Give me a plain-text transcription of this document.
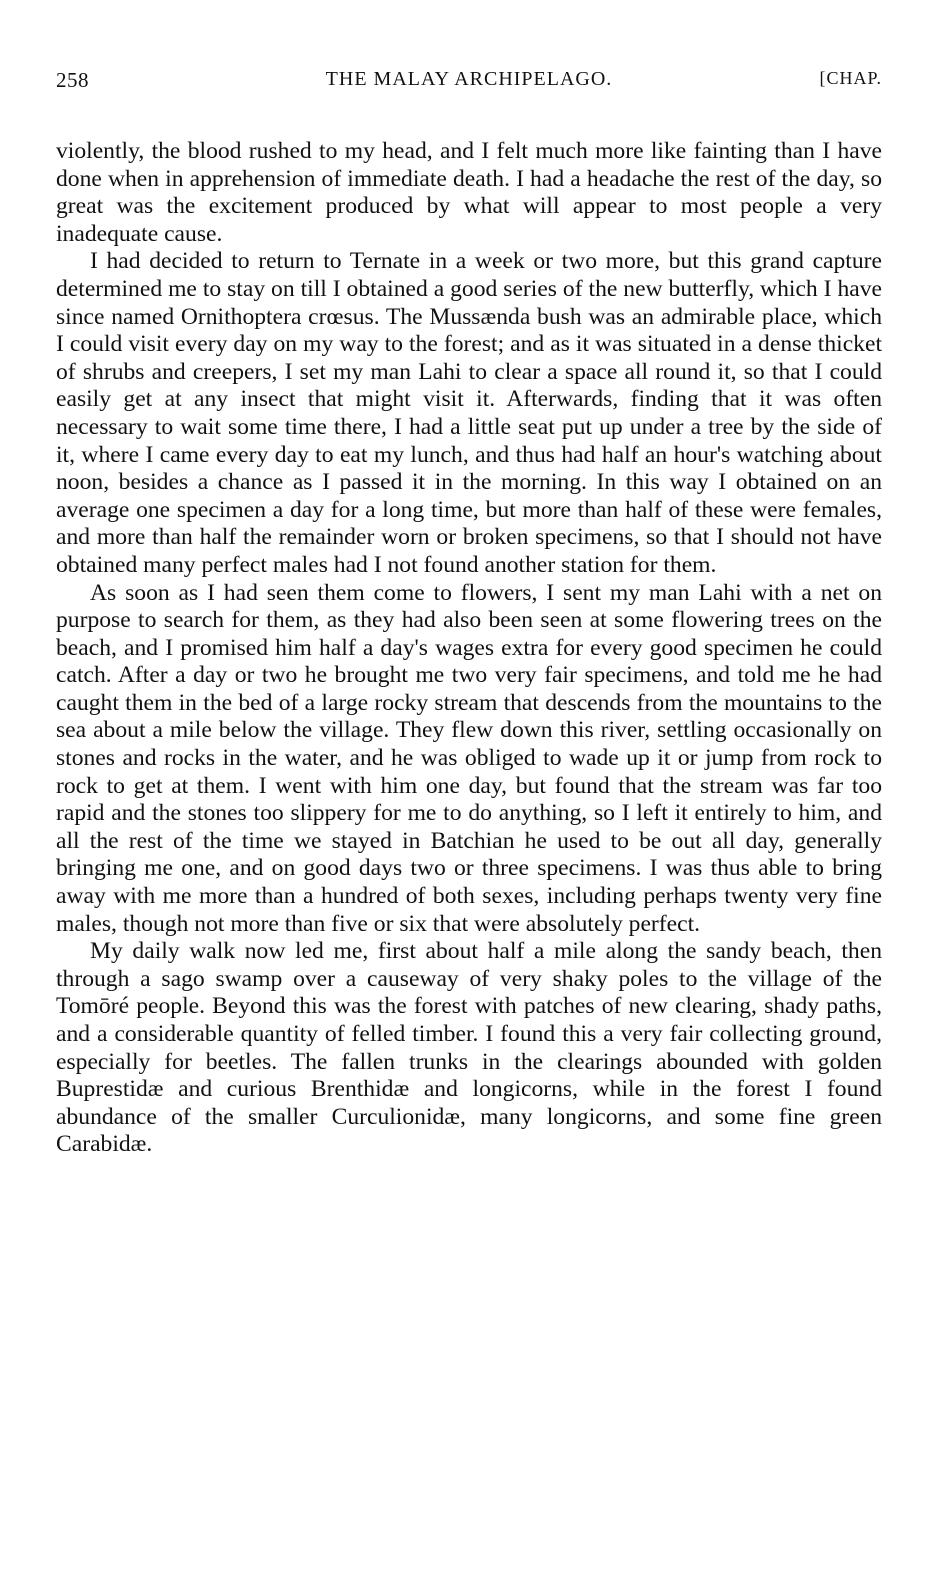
258	THE MALAY ARCHIPELAGO.	[CHAP.

violently, the blood rushed to my head, and I felt much more like fainting than I have done when in apprehension of immediate death. I had a headache the rest of the day, so great was the excitement produced by what will appear to most people a very inadequate cause.

I had decided to return to Ternate in a week or two more, but this grand capture determined me to stay on till I obtained a good series of the new butterfly, which I have since named Ornithoptera crœsus. The Mussænda bush was an admirable place, which I could visit every day on my way to the forest; and as it was situated in a dense thicket of shrubs and creepers, I set my man Lahi to clear a space all round it, so that I could easily get at any insect that might visit it. Afterwards, finding that it was often necessary to wait some time there, I had a little seat put up under a tree by the side of it, where I came every day to eat my lunch, and thus had half an hour's watching about noon, besides a chance as I passed it in the morning. In this way I obtained on an average one specimen a day for a long time, but more than half of these were females, and more than half the remainder worn or broken specimens, so that I should not have obtained many perfect males had I not found another station for them.

As soon as I had seen them come to flowers, I sent my man Lahi with a net on purpose to search for them, as they had also been seen at some flowering trees on the beach, and I promised him half a day's wages extra for every good specimen he could catch. After a day or two he brought me two very fair specimens, and told me he had caught them in the bed of a large rocky stream that descends from the mountains to the sea about a mile below the village. They flew down this river, settling occasionally on stones and rocks in the water, and he was obliged to wade up it or jump from rock to rock to get at them. I went with him one day, but found that the stream was far too rapid and the stones too slippery for me to do anything, so I left it entirely to him, and all the rest of the time we stayed in Batchian he used to be out all day, generally bringing me one, and on good days two or three specimens. I was thus able to bring away with me more than a hundred of both sexes, including perhaps twenty very fine males, though not more than five or six that were absolutely perfect.

My daily walk now led me, first about half a mile along the sandy beach, then through a sago swamp over a causeway of very shaky poles to the village of the Tomōré people. Beyond this was the forest with patches of new clearing, shady paths, and a considerable quantity of felled timber. I found this a very fair collecting ground, especially for beetles. The fallen trunks in the clearings abounded with golden Buprestidæ and curious Brenthidæ and longicorns, while in the forest I found abundance of the smaller Curculionidæ, many longicorns, and some fine green Carabidæ.
